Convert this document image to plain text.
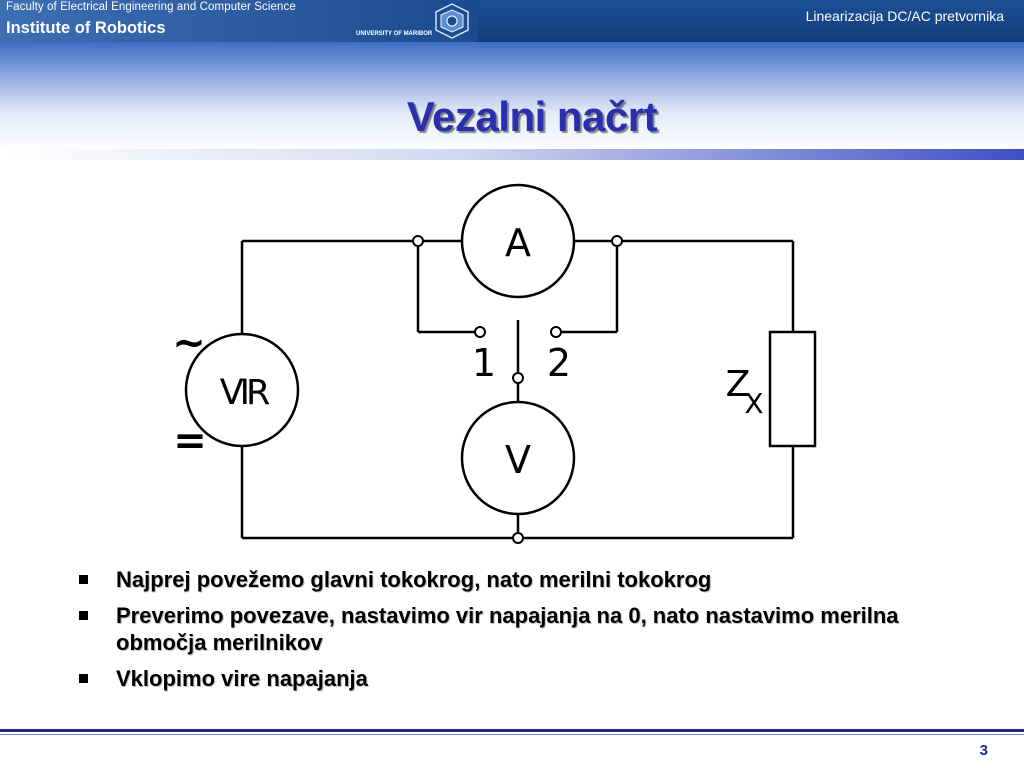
Faculty of Electrical Engineering and Computer Science
Institute of Robotics	UNIVERSITY OF MARIBOR
Linearizacija DC/AC pretvornika
Vezalni načrt
A
V
VIR
~
=
1 2	Z
X
Najprej povežemo glavni tokokrog, nato merilni tokokrog
Preverimo povezave, nastavimo vir napajanja na 0, nato nastavimo merilna območja merilnikov
Vklopimo vire napajanja
3
